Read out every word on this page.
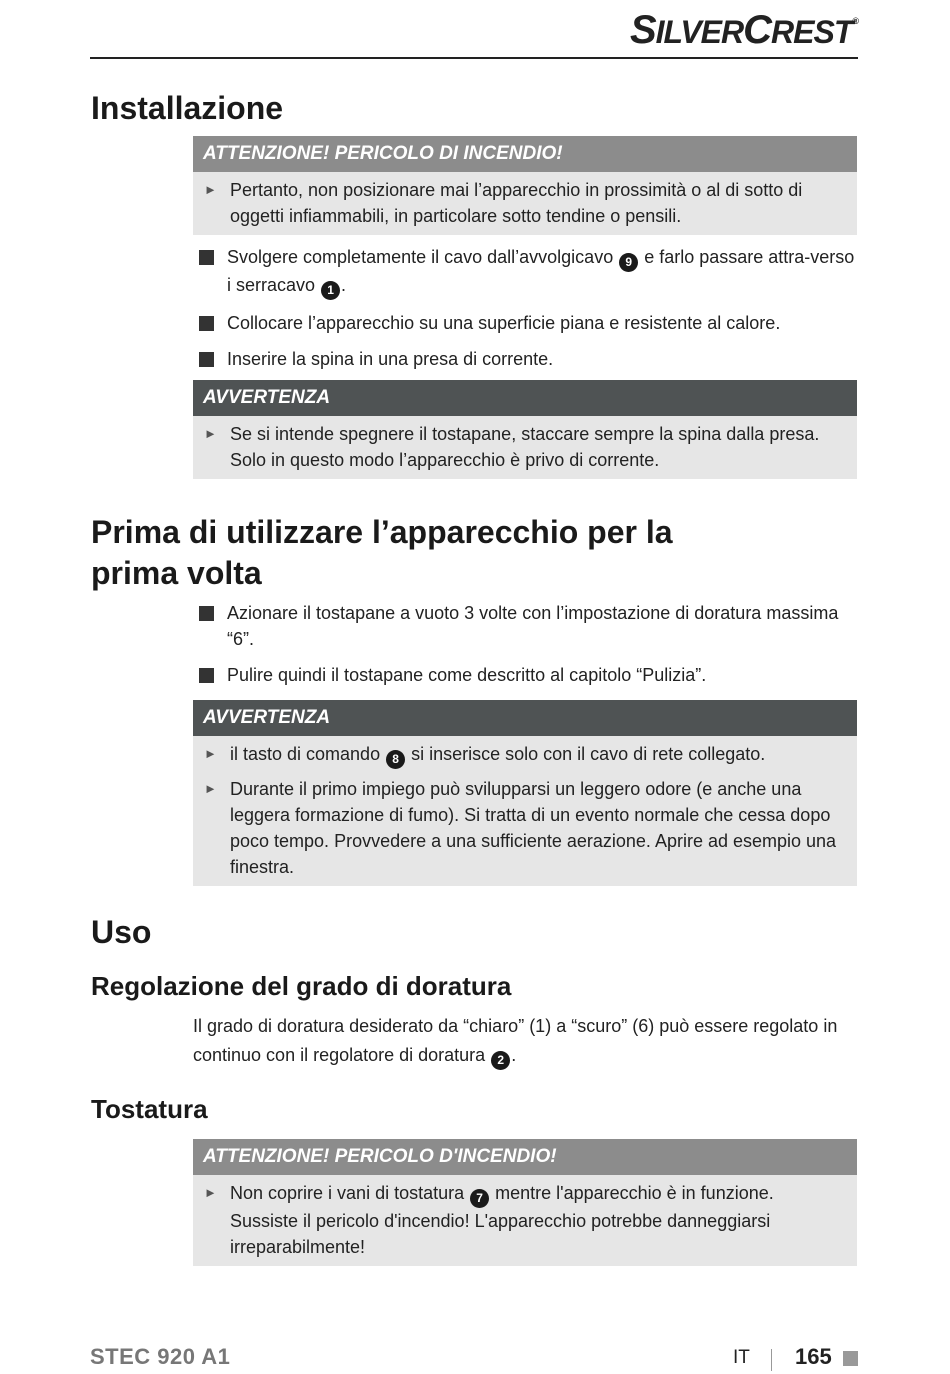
SILVERCREST®
Installazione
ATTENZIONE! PERICOLO DI INCENDIO!
► Pertanto, non posizionare mai l’apparecchio in prossimità o al di sotto di oggetti infiammabili, in particolare sotto tendine o pensili.
Svolgere completamente il cavo dall’avvolgicavo 9 e farlo passare attra-verso i serracavo 1 .
Collocare l’apparecchio su una superficie piana e resistente al calore.
Inserire la spina in una presa di corrente.
AVVERTENZA
► Se si intende spegnere il tostapane, staccare sempre la spina dalla presa. Solo in questo modo l’apparecchio è privo di corrente.
Prima di utilizzare l’apparecchio per la
prima volta
Azionare il tostapane a vuoto 3 volte con l’impostazione di doratura massima “6”.
Pulire quindi il tostapane come descritto al capitolo “Pulizia”.
AVVERTENZA
► il tasto di comando 8 si inserisce solo con il cavo di rete collegato.
► Durante il primo impiego può svilupparsi un leggero odore (e anche una leggera formazione di fumo). Si tratta di un evento normale che cessa dopo poco tempo. Provvedere a una sufficiente aerazione. Aprire ad esempio una finestra.
Uso
Regolazione del grado di doratura
Il grado di doratura desiderato da “chiaro” (1) a “scuro” (6) può essere regolato in continuo con il regolatore di doratura 2 .
Tostatura
ATTENZIONE! PERICOLO D'INCENDIO!
► Non coprire i vani di tostatura 7 mentre l'apparecchio è in funzione. Sussiste il pericolo d'incendio! L'apparecchio potrebbe danneggiarsi irreparabilmente!
STEC 920 A1	IT 165
